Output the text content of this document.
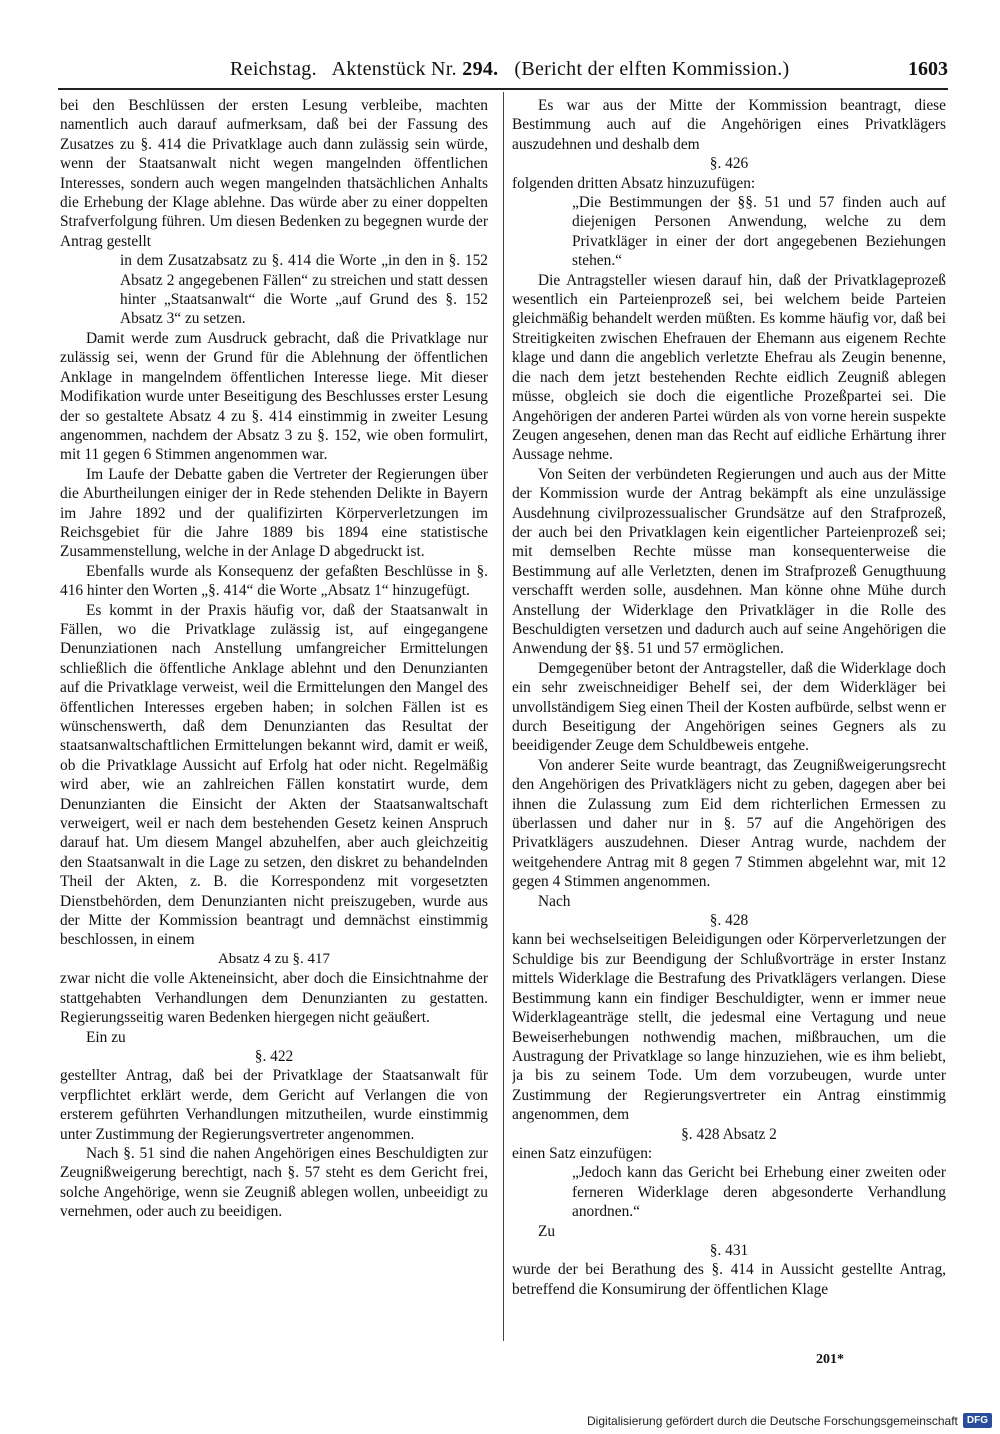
Reichstag.   Aktenstück Nr. 294.   (Bericht der elften Kommission.)	1603

bei den Beschlüssen der ersten Lesung verbleibe, machten namentlich auch darauf aufmerksam, daß bei der Fassung des Zusatzes zu §. 414 die Privatklage auch dann zulässig sein würde, wenn der Staatsanwalt nicht wegen mangelnden öffentlichen Interesses, sondern auch wegen mangelnden thatsächlichen Anhalts die Erhebung der Klage ablehne. Das würde aber zu einer doppelten Strafverfolgung führen. Um diesen Bedenken zu begegnen wurde der Antrag gestellt

in dem Zusatzabsatz zu §. 414 die Worte „in den in §. 152 Absatz 2 angegebenen Fällen“ zu streichen und statt dessen hinter „Staatsanwalt“ die Worte „auf Grund des §. 152 Absatz 3“ zu setzen.

Damit werde zum Ausdruck gebracht, daß die Privatklage nur zulässig sei, wenn der Grund für die Ablehnung der öffentlichen Anklage in mangelndem öffentlichen Interesse liege. Mit dieser Modifikation wurde unter Beseitigung des Beschlusses erster Lesung der so gestaltete Absatz 4 zu §. 414 einstimmig in zweiter Lesung angenommen, nachdem der Absatz 3 zu §. 152, wie oben formulirt, mit 11 gegen 6 Stimmen angenommen war.

Im Laufe der Debatte gaben die Vertreter der Regierungen über die Aburtheilungen einiger der in Rede stehenden Delikte in Bayern im Jahre 1892 und der qualifizirten Körperverletzungen im Reichsgebiet für die Jahre 1889 bis 1894 eine statistische Zusammenstellung, welche in der Anlage D abgedruckt ist.

Ebenfalls wurde als Konsequenz der gefaßten Beschlüsse in §. 416 hinter den Worten „§. 414“ die Worte „Absatz 1“ hinzugefügt.

Es kommt in der Praxis häufig vor, daß der Staatsanwalt in Fällen, wo die Privatklage zulässig ist, auf eingegangene Denunziationen nach Anstellung umfangreicher Ermittelungen schließlich die öffentliche Anklage ablehnt und den Denunzianten auf die Privatklage verweist, weil die Ermittelungen den Mangel des öffentlichen Interesses ergeben haben; in solchen Fällen ist es wünschenswerth, daß dem Denunzianten das Resultat der staatsanwaltschaftlichen Ermittelungen bekannt wird, damit er weiß, ob die Privatklage Aussicht auf Erfolg hat oder nicht. Regelmäßig wird aber, wie an zahlreichen Fällen konstatirt wurde, dem Denunzianten die Einsicht der Akten der Staatsanwaltschaft verweigert, weil er nach dem bestehenden Gesetz keinen Anspruch darauf hat. Um diesem Mangel abzuhelfen, aber auch gleichzeitig den Staatsanwalt in die Lage zu setzen, den diskret zu behandelnden Theil der Akten, z. B. die Korrespondenz mit vorgesetzten Dienstbehörden, dem Denunzianten nicht preiszugeben, wurde aus der Mitte der Kommission beantragt und demnächst einstimmig beschlossen, in einem

Absatz 4 zu §. 417

zwar nicht die volle Akteneinsicht, aber doch die Einsichtnahme der stattgehabten Verhandlungen dem Denunzianten zu gestatten. Regierungsseitig waren Bedenken hiergegen nicht geäußert.

Ein zu

§. 422

gestellter Antrag, daß bei der Privatklage der Staatsanwalt für verpflichtet erklärt werde, dem Gericht auf Verlangen die von ersterem geführten Verhandlungen mitzutheilen, wurde einstimmig unter Zustimmung der Regierungsvertreter angenommen.

Nach §. 51 sind die nahen Angehörigen eines Beschuldigten zur Zeugnißweigerung berechtigt, nach §. 57 steht es dem Gericht frei, solche Angehörige, wenn sie Zeugniß ablegen wollen, unbeeidigt zu vernehmen, oder auch zu beeidigen.

Es war aus der Mitte der Kommission beantragt, diese Bestimmung auch auf die Angehörigen eines Privatklägers auszudehnen und deshalb dem

§. 426

folgenden dritten Absatz hinzuzufügen:

„Die Bestimmungen der §§. 51 und 57 finden auch auf diejenigen Personen Anwendung, welche zu dem Privatkläger in einer der dort angegebenen Beziehungen stehen.“

Die Antragsteller wiesen darauf hin, daß der Privatklageprozeß wesentlich ein Parteienprozeß sei, bei welchem beide Parteien gleichmäßig behandelt werden müßten. Es komme häufig vor, daß bei Streitigkeiten zwischen Ehefrauen der Ehemann aus eigenem Rechte klage und dann die angeblich verletzte Ehefrau als Zeugin benenne, die nach dem jetzt bestehenden Rechte eidlich Zeugniß ablegen müsse, obgleich sie doch die eigentliche Prozeßpartei sei. Die Angehörigen der anderen Partei würden als von vorne herein suspekte Zeugen angesehen, denen man das Recht auf eidliche Erhärtung ihrer Aussage nehme.

Von Seiten der verbündeten Regierungen und auch aus der Mitte der Kommission wurde der Antrag bekämpft als eine unzulässige Ausdehnung civilprozessualischer Grundsätze auf den Strafprozeß, der auch bei den Privatklagen kein eigentlicher Parteienprozeß sei; mit demselben Rechte müsse man konsequenterweise die Bestimmung auf alle Verletzten, denen im Strafprozeß Genugthuung verschafft werden solle, ausdehnen. Man könne ohne Mühe durch Anstellung der Widerklage den Privatkläger in die Rolle des Beschuldigten versetzen und dadurch auch auf seine Angehörigen die Anwendung der §§. 51 und 57 ermöglichen.

Demgegenüber betont der Antragsteller, daß die Widerklage doch ein sehr zweischneidiger Behelf sei, der dem Widerkläger bei unvollständigem Sieg einen Theil der Kosten aufbürde, selbst wenn er durch Beseitigung der Angehörigen seines Gegners als zu beeidigender Zeuge dem Schuldbeweis entgehe.

Von anderer Seite wurde beantragt, das Zeugnißweigerungsrecht den Angehörigen des Privatklägers nicht zu geben, dagegen aber bei ihnen die Zulassung zum Eid dem richterlichen Ermessen zu überlassen und daher nur in §. 57 auf die Angehörigen des Privatklägers auszudehnen. Dieser Antrag wurde, nachdem der weitgehendere Antrag mit 8 gegen 7 Stimmen abgelehnt war, mit 12 gegen 4 Stimmen angenommen.

Nach

§. 428

kann bei wechselseitigen Beleidigungen oder Körperverletzungen der Schuldige bis zur Beendigung der Schlußvorträge in erster Instanz mittels Widerklage die Bestrafung des Privatklägers verlangen. Diese Bestimmung kann ein findiger Beschuldigter, wenn er immer neue Widerklageanträge stellt, die jedesmal eine Vertagung und neue Beweiserhebungen nothwendig machen, mißbrauchen, um die Austragung der Privatklage so lange hinzuziehen, wie es ihm beliebt, ja bis zu seinem Tode. Um dem vorzubeugen, wurde unter Zustimmung der Regierungsvertreter ein Antrag einstimmig angenommen, dem

§. 428 Absatz 2

einen Satz einzufügen:

„Jedoch kann das Gericht bei Erhebung einer zweiten oder ferneren Widerklage deren abgesonderte Verhandlung anordnen.“

Zu

§. 431

wurde der bei Berathung des §. 414 in Aussicht gestellte Antrag, betreffend die Konsumirung der öffentlichen Klage

201*
Digitalisierung gefördert durch die Deutsche Forschungsgemeinschaft DFG
